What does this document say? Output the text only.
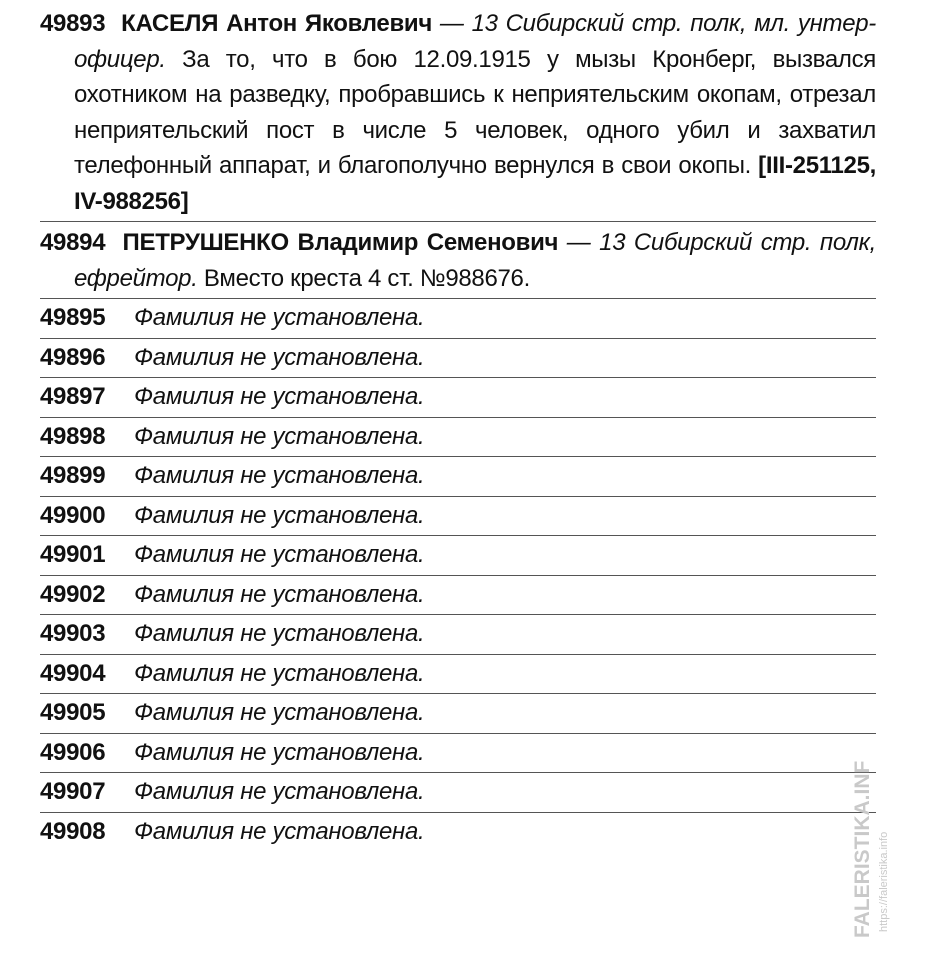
49893 КАСЕЛЯ Антон Яковлевич — 13 Сибирский стр. полк, мл. унтер-офицер. За то, что в бою 12.09.1915 у мызы Кронберг, вызвался охотником на разведку, пробравшись к неприятельским окопам, отрезал неприятельский пост в числе 5 человек, одного убил и захватил телефонный аппарат, и благополучно вернулся в свои окопы. [III-251125, IV-988256]
49894 ПЕТРУШЕНКО Владимир Семенович — 13 Сибирский стр. полк, ефрейтор. Вместо креста 4 ст. №988676.
49895 Фамилия не установлена.
49896 Фамилия не установлена.
49897 Фамилия не установлена.
49898 Фамилия не установлена.
49899 Фамилия не установлена.
49900 Фамилия не установлена.
49901 Фамилия не установлена.
49902 Фамилия не установлена.
49903 Фамилия не установлена.
49904 Фамилия не установлена.
49905 Фамилия не установлена.
49906 Фамилия не установлена.
49907 Фамилия не установлена.
49908 Фамилия не установлена.	FALERISTIKA.INFO https://faleristika.info
